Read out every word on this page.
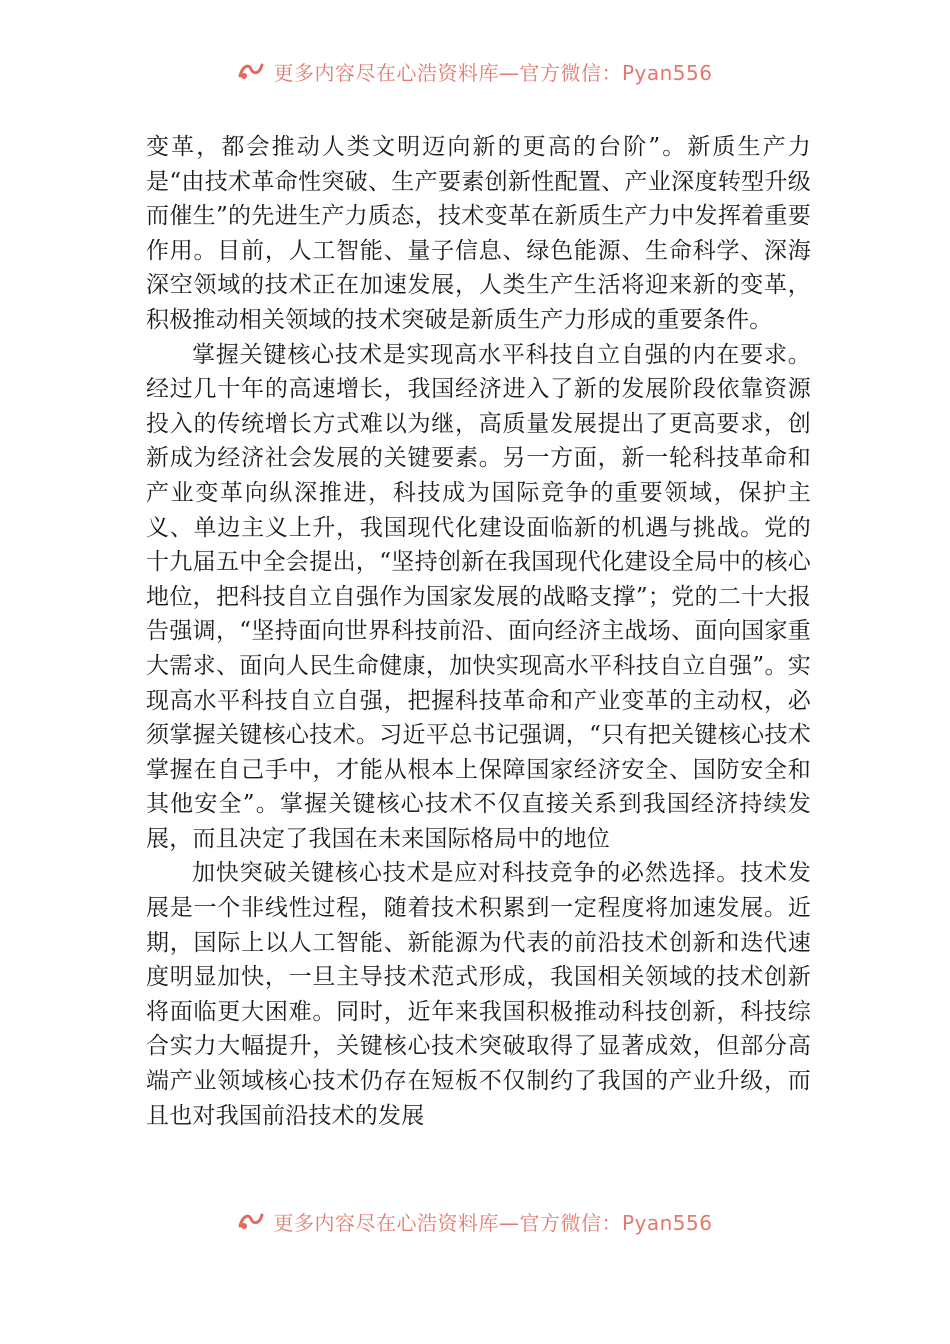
更多内容尽在心浩资料库—官方微信：Pyan556

变革，都会推动人类文明迈向新的更高的台阶”。新质生产力是“由技术革命性突破、生产要素创新性配置、产业深度转型升级而催生”的先进生产力质态，技术变革在新质生产力中发挥着重要作用。目前，人工智能、量子信息、绿色能源、生命科学、深海深空领域的技术正在加速发展，人类生产生活将迎来新的变革，积极推动相关领域的技术突破是新质生产力形成的重要条件。

掌握关键核心技术是实现高水平科技自立自强的内在要求。经过几十年的高速增长，我国经济进入了新的发展阶段依靠资源投入的传统增长方式难以为继，高质量发展提出了更高要求，创新成为经济社会发展的关键要素。另一方面，新一轮科技革命和产业变革向纵深推进，科技成为国际竞争的重要领域，保护主义、单边主义上升，我国现代化建设面临新的机遇与挑战。党的十九届五中全会提出，“坚持创新在我国现代化建设全局中的核心地位，把科技自立自强作为国家发展的战略支撑”；党的二十大报告强调，“坚持面向世界科技前沿、面向经济主战场、面向国家重大需求、面向人民生命健康，加快实现高水平科技自立自强”。实现高水平科技自立自强，把握科技革命和产业变革的主动权，必须掌握关键核心技术。习近平总书记强调，“只有把关键核心技术掌握在自己手中，才能从根本上保障国家经济安全、国防安全和其他安全”。掌握关键核心技术不仅直接关系到我国经济持续发展，而且决定了我国在未来国际格局中的地位

加快突破关键核心技术是应对科技竞争的必然选择。技术发展是一个非线性过程，随着技术积累到一定程度将加速发展。近期，国际上以人工智能、新能源为代表的前沿技术创新和迭代速度明显加快，一旦主导技术范式形成，我国相关领域的技术创新将面临更大困难。同时，近年来我国积极推动科技创新，科技综合实力大幅提升，关键核心技术突破取得了显著成效，但部分高端产业领域核心技术仍存在短板不仅制约了我国的产业升级，而且也对我国前沿技术的发展

更多内容尽在心浩资料库—官方微信：Pyan556
